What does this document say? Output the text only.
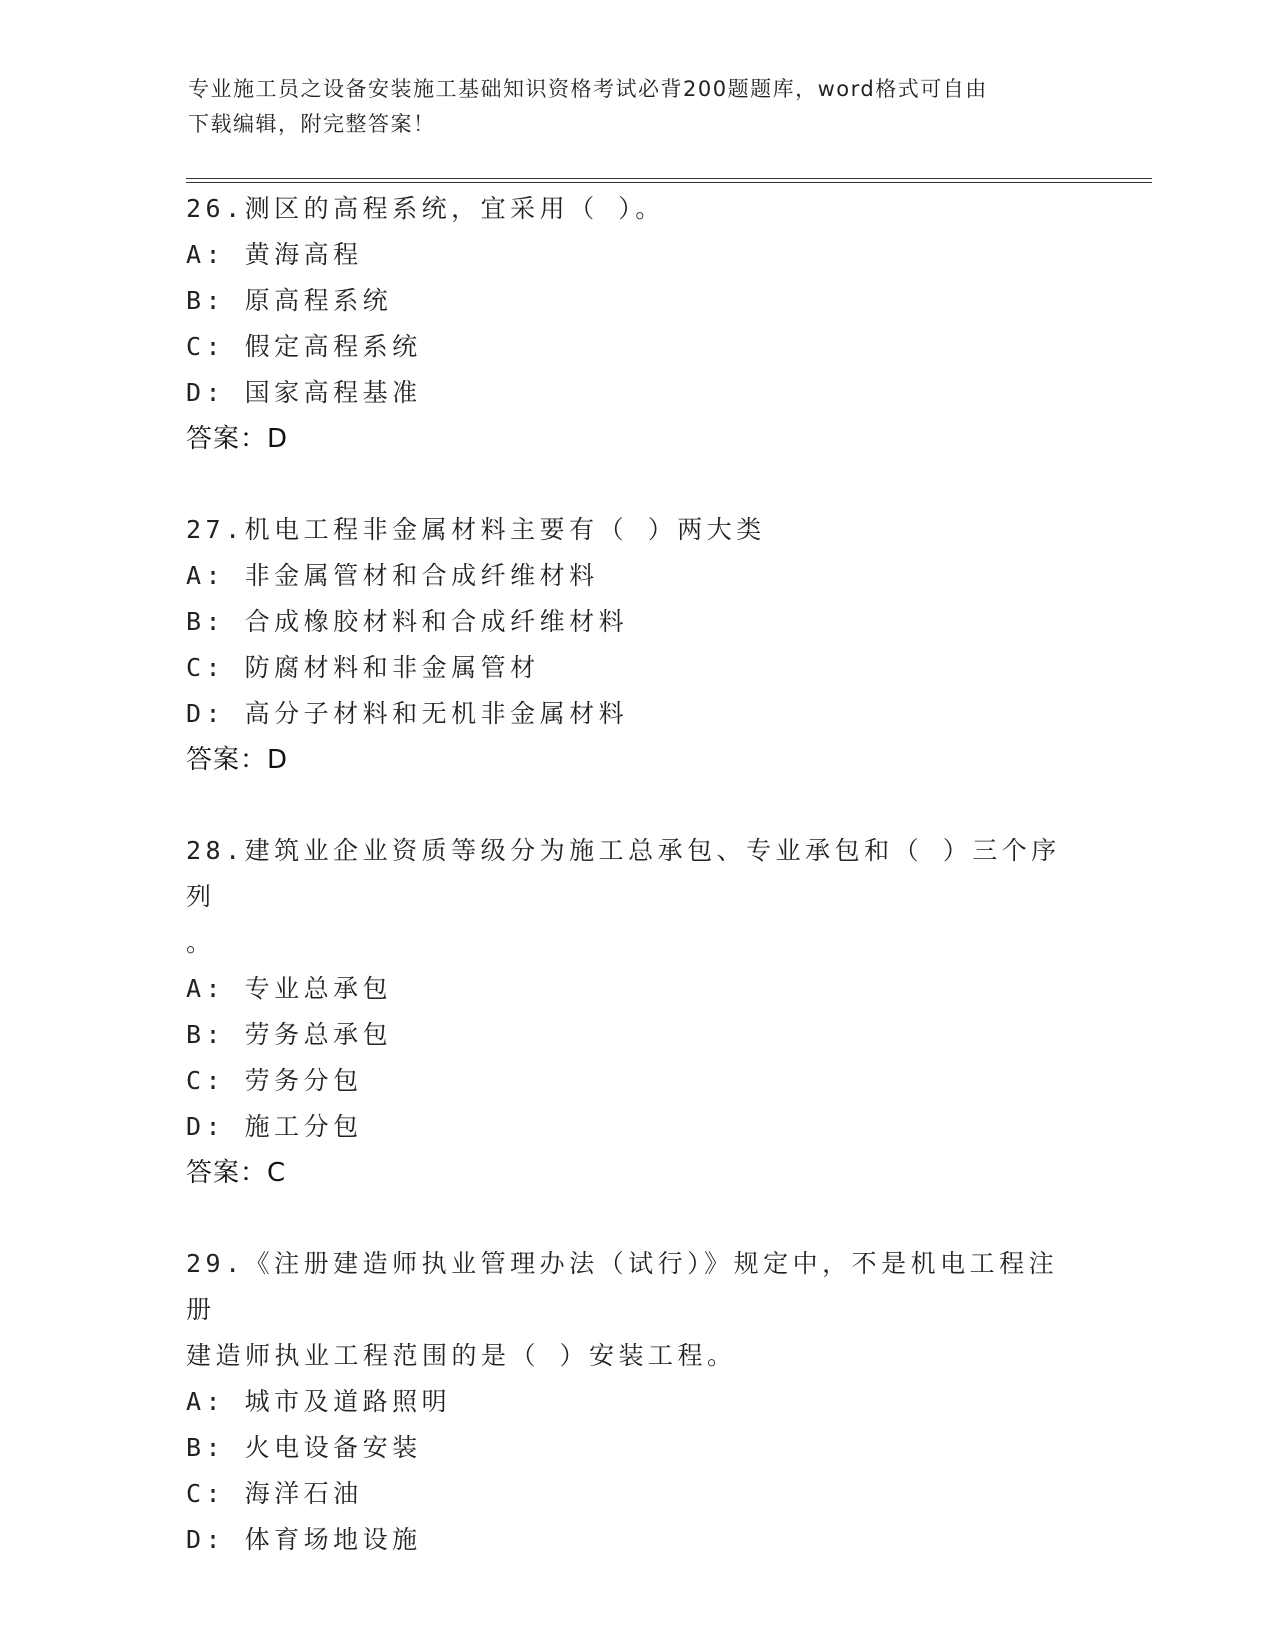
专业施工员之设备安装施工基础知识资格考试必背200题题库，word格式可自由
下载编辑，附完整答案！

26.测区的高程系统，宜采用（ ）。

A: 黄海高程

B: 原高程系统

C: 假定高程系统

D: 国家高程基准

答案：D

27.机电工程非金属材料主要有（ ）两大类

A: 非金属管材和合成纤维材料

B: 合成橡胶材料和合成纤维材料

C: 防腐材料和非金属管材

D: 高分子材料和无机非金属材料

答案：D

28.建筑业企业资质等级分为施工总承包、专业承包和（ ）三个序列

。

A: 专业总承包

B: 劳务总承包

C: 劳务分包

D: 施工分包

答案：C

29.《注册建造师执业管理办法（试行）》规定中，不是机电工程注册

建造师执业工程范围的是（ ）安装工程。

A: 城市及道路照明

B: 火电设备安装

C: 海洋石油

D: 体育场地设施
